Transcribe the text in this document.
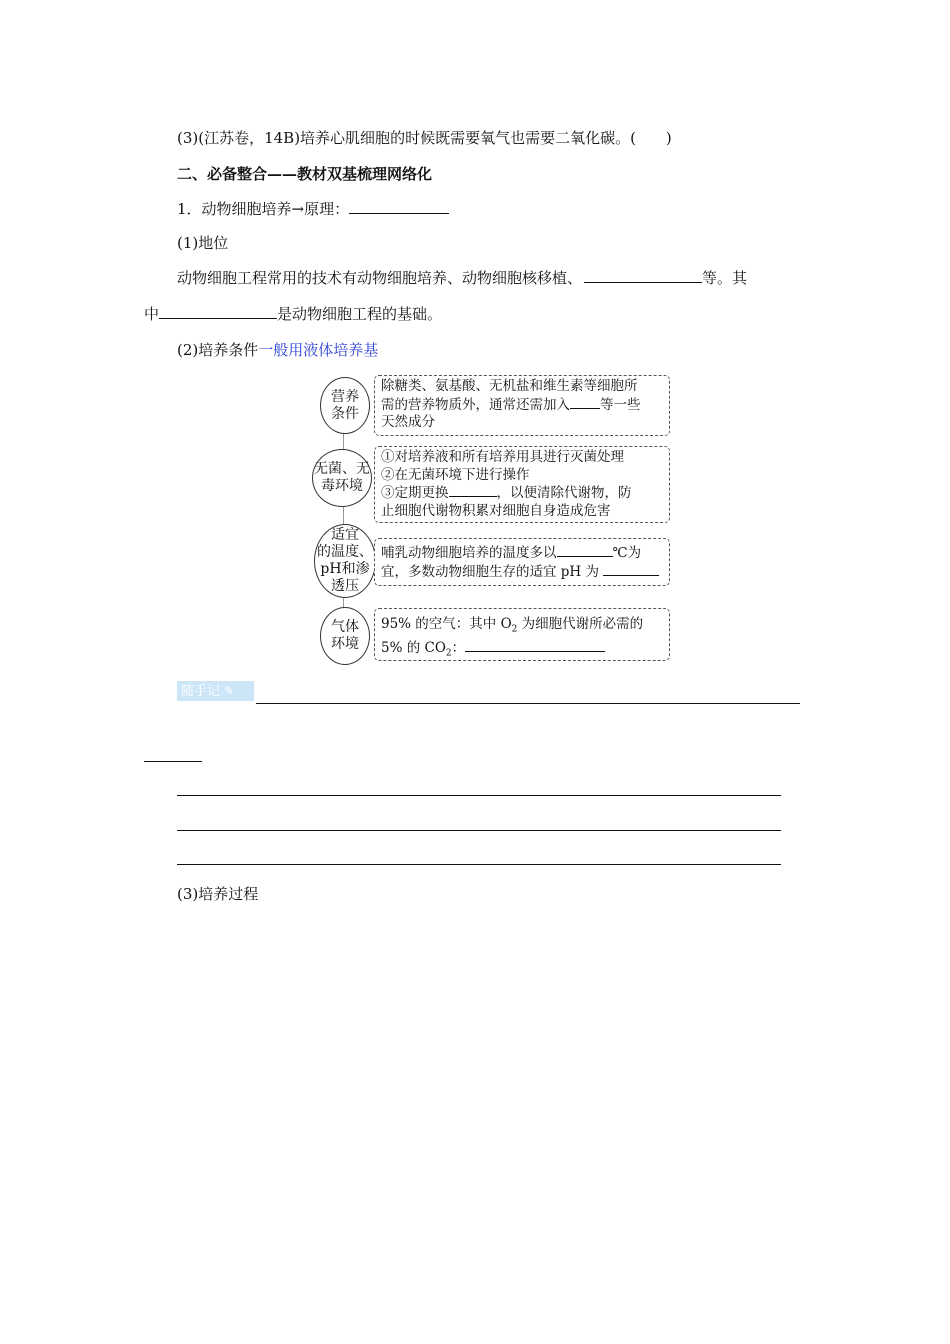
(3)(江苏卷，14B)培养心肌细胞的时候既需要氧气也需要二氧化碳。(　　)
二、必备整合——教材双基梳理网络化
1．动物细胞培养→原理：
(1)地位
动物细胞工程常用的技术有动物细胞培养、动物细胞核移植、	等。其
中	是动物细胞工程的基础。
(2)培养条件一般用液体培养基
营养
条件
除糖类、氨基酸、无机盐和维生素等细胞所
需的营养物质外，通常还需加入 等一些
天然成分
无菌、无
毒环境
①对培养液和所有培养用具进行灭菌处理
②在无菌环境下进行操作
③定期更换	，以便清除代谢物，防
止细胞代谢物积累对细胞自身造成危害
适宜
的温度、
pH和渗
透压
哺乳动物细胞培养的温度多以	℃为
宜，多数动物细胞生存的适宜 pH 为
气体
环境
95% 的空气：其中 $O_2$ 为细胞代谢所必需的
5% 的 $CO_2$：
随手记 ✎
(3)培养过程
